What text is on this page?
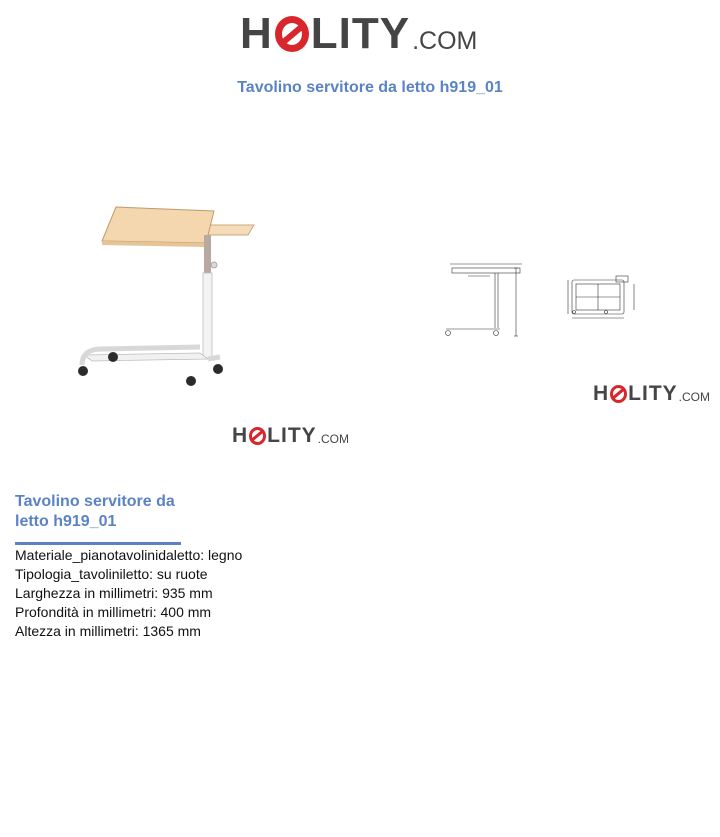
H LITY .COM
Tavolino servitore da letto h919_01
H LITY .COM
H LITY .COM
Tavolino servitore da letto h919_01
Materiale_pianotavolinidaletto: legno
Tipologia_tavoliniletto: su ruote
Larghezza in millimetri: 935 mm
Profondità in millimetri: 400 mm
Altezza in millimetri: 1365 mm
